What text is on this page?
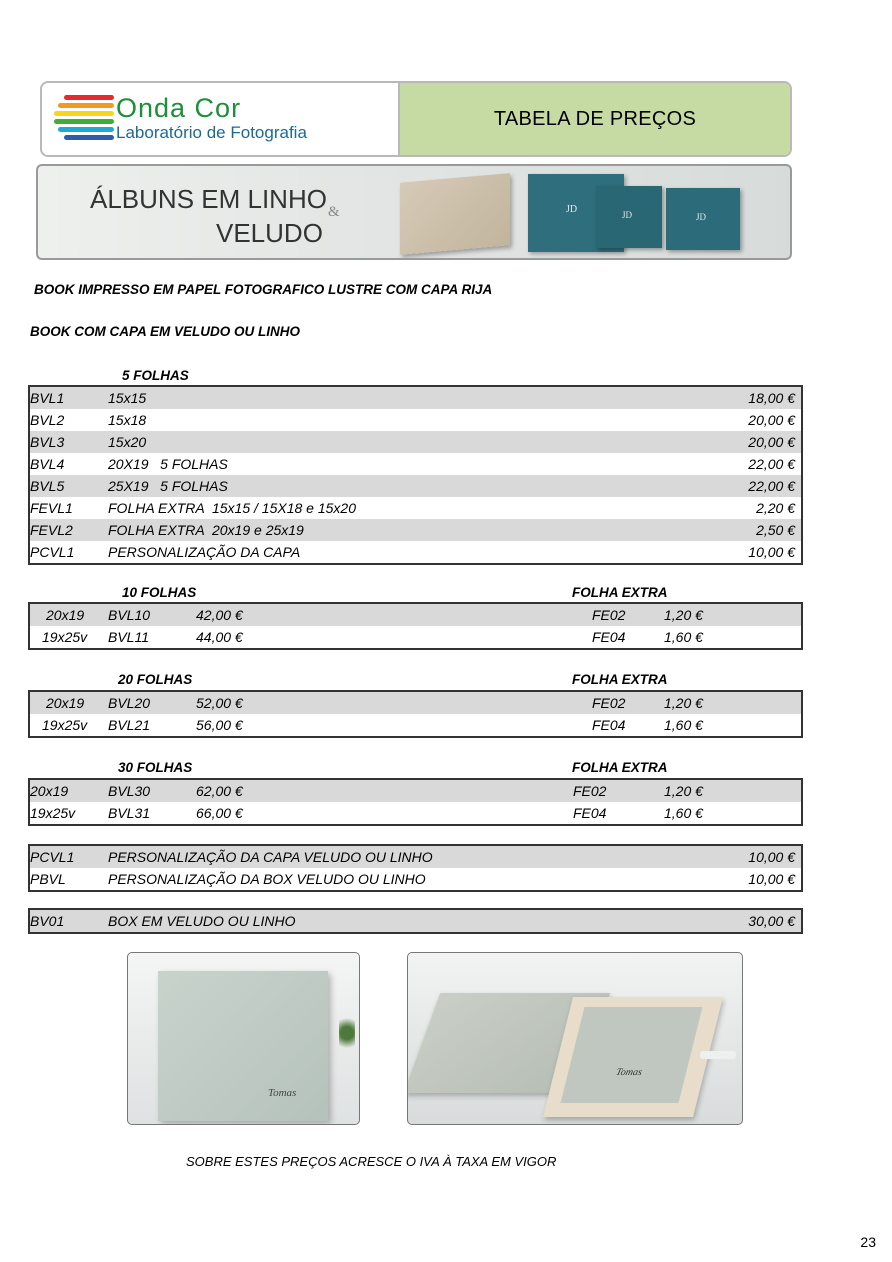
Onda Cor
Laboratório de Fotografia
TABELA DE PREÇOS
ÁLBUNS EM LINHO &
VELUDO
JD	JD	JD
BOOK IMPRESSO EM PAPEL FOTOGRAFICO LUSTRE COM CAPA RIJA
BOOK COM CAPA EM VELUDO OU LINHO
5 FOLHAS
BVL1	15x15	18,00 €
BVL2	15x18	20,00 €
BVL3	15x20	20,00 €
BVL4	20X19   5 FOLHAS	22,00 €
BVL5	25X19   5 FOLHAS	22,00 €
FEVL1	FOLHA EXTRA  15x15 / 15X18 e 15x20	2,20 €
FEVL2	FOLHA EXTRA  20x19 e 25x19	2,50 €
PCVL1 PERSONALIZAÇÃO DA CAPA	10,00 €
10 FOLHAS	FOLHA EXTRA
20x19 BVL10	42,00 €	FE02	1,20 €
19x25v BVL11	44,00 €	FE04	1,60 €
20 FOLHAS	FOLHA EXTRA
20x19 BVL20	52,00 €	FE02	1,20 €
19x25v BVL21	56,00 €	FE04	1,60 €
30 FOLHAS	FOLHA EXTRA
20x19	BVL30	62,00 €	FE02	1,20 €
19x25v BVL31	66,00 €	FE04	1,60 €
PCVL1 PERSONALIZAÇÃO DA CAPA VELUDO OU LINHO	10,00 €
PBVL	PERSONALIZAÇÃO DA BOX VELUDO OU LINHO	10,00 €
BV01	BOX EM VELUDO OU LINHO	30,00 €
Tomas
Tomas
SOBRE ESTES PREÇOS ACRESCE O IVA À TAXA EM VIGOR
23
